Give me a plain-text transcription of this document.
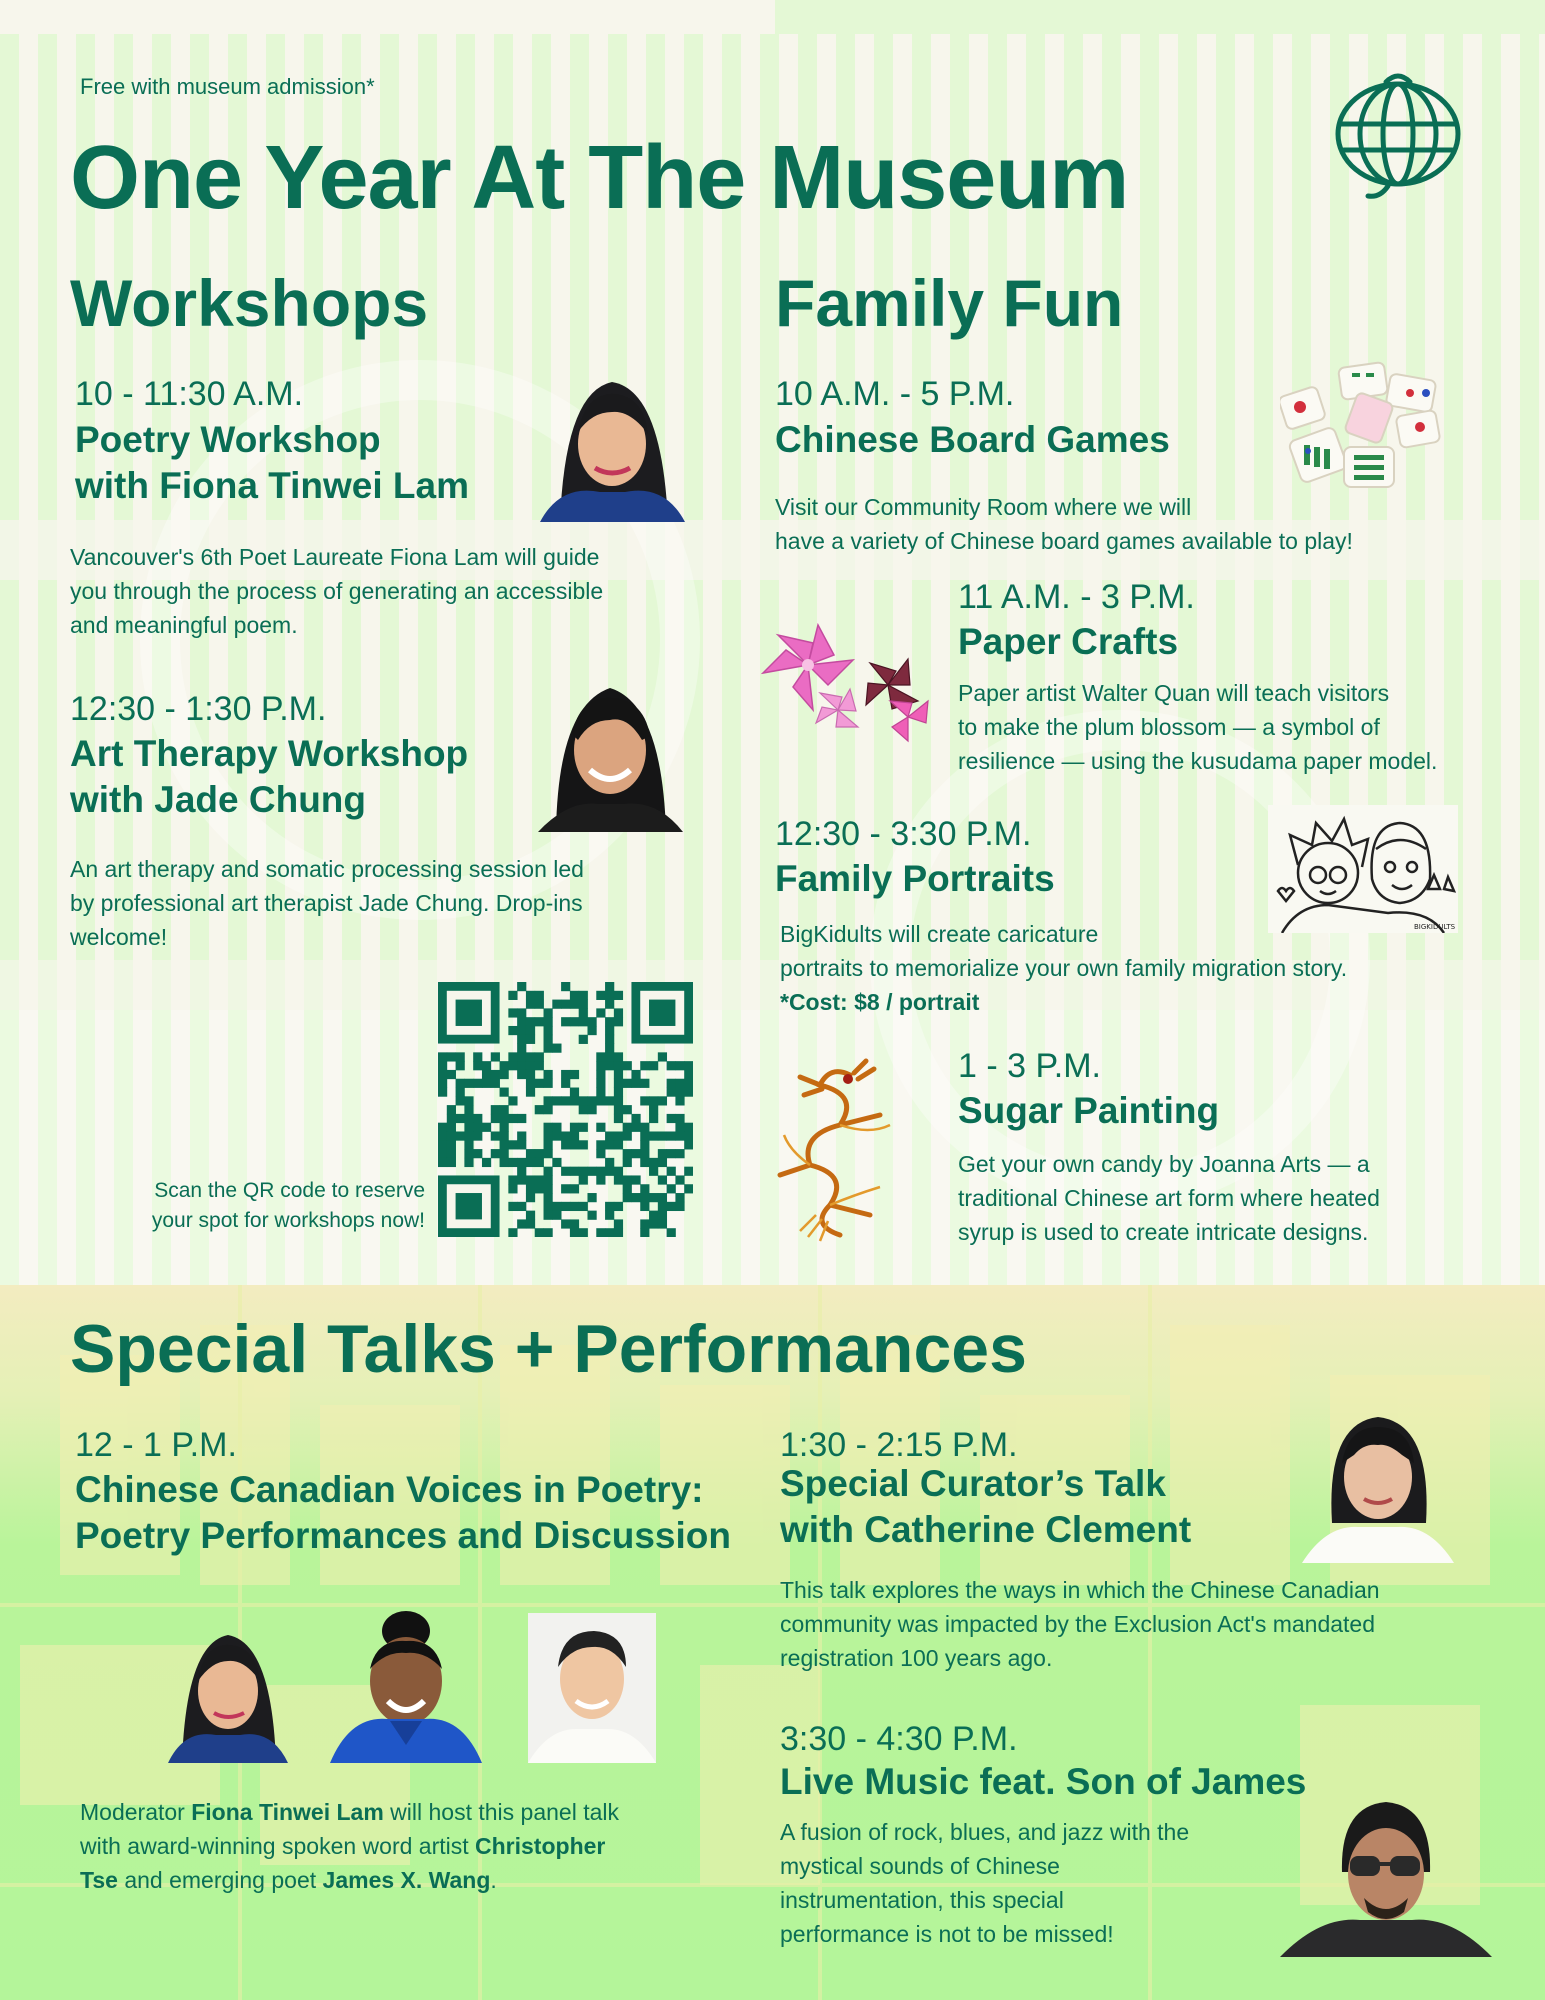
Free with museum admission*
One Year At The Museum
Workshops
10 - 11:30 A.M.
Poetry Workshop
with Fiona Tinwei Lam
Vancouver's 6th Poet Laureate Fiona Lam will guide
you through the process of generating an accessible
and meaningful poem.
12:30 - 1:30 P.M.
Art Therapy Workshop
with Jade Chung
An art therapy and somatic processing session led
by professional art therapist Jade Chung. Drop-ins
welcome!
Scan the QR code to reserve
your spot for workshops now!
Family Fun
10 A.M. - 5 P.M.
Chinese Board Games
Visit our Community Room where we will
have a variety of Chinese board games available to play!
11 A.M. - 3 P.M.
Paper Crafts
Paper artist Walter Quan will teach visitors
to make the plum blossom — a symbol of
resilience — using the kusudama paper model.
12:30 - 3:30 P.M.
Family Portraits
BIGKIDULTS
BigKidults will create caricature
portraits to memorialize your own family migration story.
*Cost: $8 / portrait
1 - 3 P.M.
Sugar Painting
Get your own candy by Joanna Arts — a
traditional Chinese art form where heated
syrup is used to create intricate designs.
Special Talks + Performances
12 - 1 P.M.
Chinese Canadian Voices in Poetry:
Poetry Performances and Discussion
Moderator Fiona Tinwei Lam will host this panel talk
with award-winning spoken word artist Christopher
Tse and emerging poet James X. Wang.
1:30 - 2:15 P.M.
Special Curator’s Talk
with Catherine Clement
This talk explores the ways in which the Chinese Canadian
community was impacted by the Exclusion Act's mandated
registration 100 years ago.
3:30 - 4:30 P.M.
Live Music feat. Son of James
A fusion of rock, blues, and jazz with the
mystical sounds of Chinese
instrumentation, this special
performance is not to be missed!
